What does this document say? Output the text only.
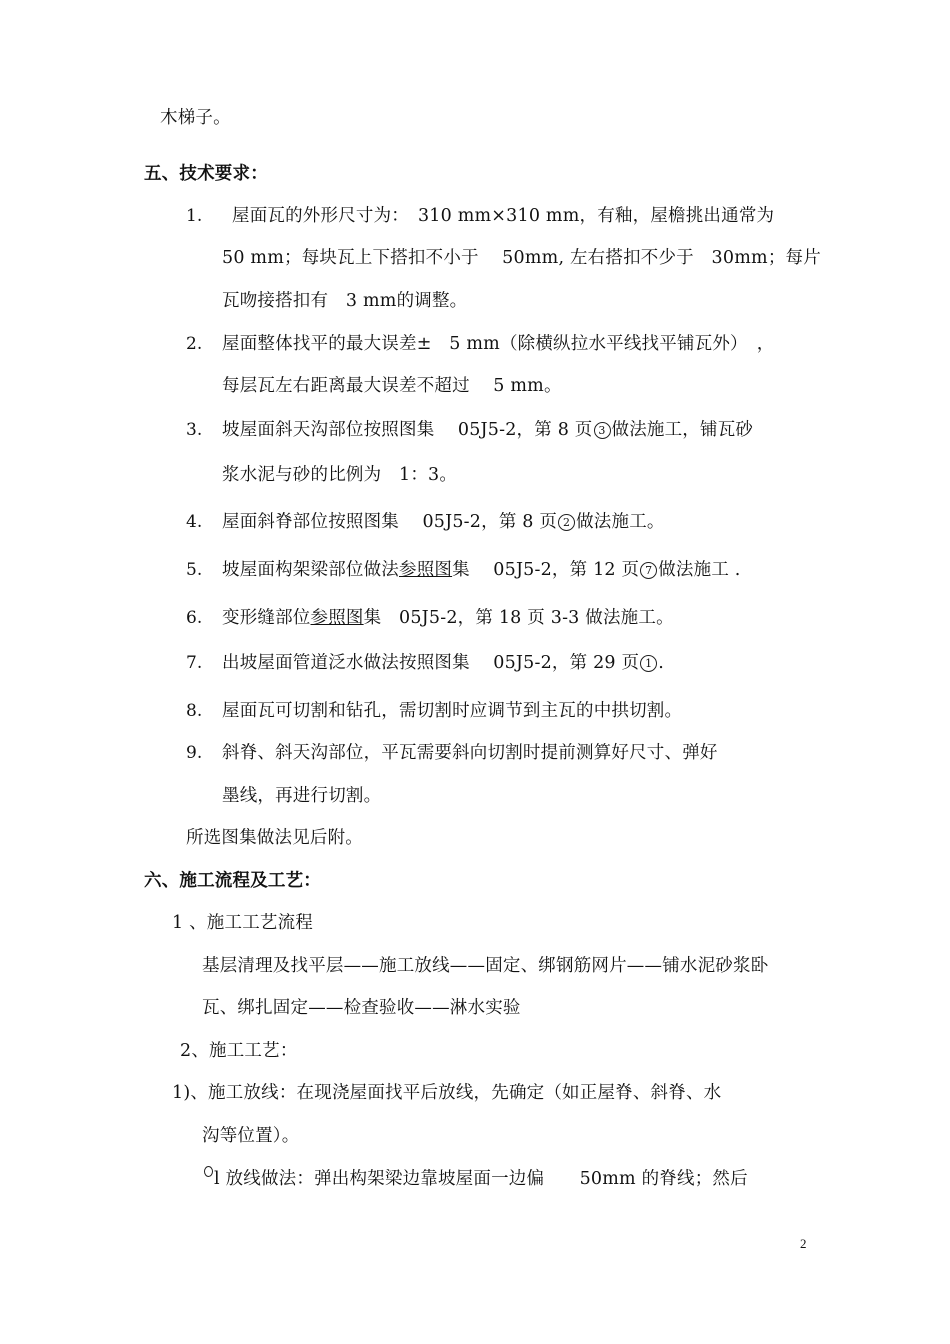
木梯子。
五、技术要求：
1. 屋面瓦的外形尺寸为：　310 mm×310 mm，有釉，屋檐挑出通常为
50 mm；每块瓦上下搭扣不小于　 50mm, 左右搭扣不少于　30mm；每片
瓦吻接搭扣有　3 mm的调整。
2. 屋面整体找平的最大误差±　5 mm（除横纵拉水平线找平铺瓦外）　，
每层瓦左右距离最大误差不超过　 5 mm。
3. 坡屋面斜天沟部位按照图集　 05J5-2，第 8 页 3 做法施工，铺瓦砂
浆水泥与砂的比例为　1：3。
4. 屋面斜脊部位按照图集　 05J5-2，第 8 页 2 做法施工。
5. 坡屋面构架梁部位做法参照图集　 05J5-2，第 12 页 7 做法施工 .
6. 变形缝部位参照图集　05J5-2，第 18 页 3-3 做法施工。
7. 出坡屋面管道泛水做法按照图集　 05J5-2，第 29 页 1 .
8. 屋面瓦可切割和钻孔，需切割时应调节到主瓦的中拱切割。
9. 斜脊、斜天沟部位，平瓦需要斜向切割时提前测算好尺寸、弹好
墨线，再进行切割。
所选图集做法见后附。
六、施工流程及工艺：
1 、施工工艺流程
基层清理及找平层——施工放线——固定、绑钢筋网片——铺水泥砂浆卧
瓦、绑扎固定——检查验收——淋水实验
2、施工工艺：
1)、施工放线：在现浇屋面找平后放线，先确定（如正屋脊、斜脊、水
沟等位置）。
l 放线做法：弹出构架梁边靠坡屋面一边偏　　50mm 的脊线；然后
2
